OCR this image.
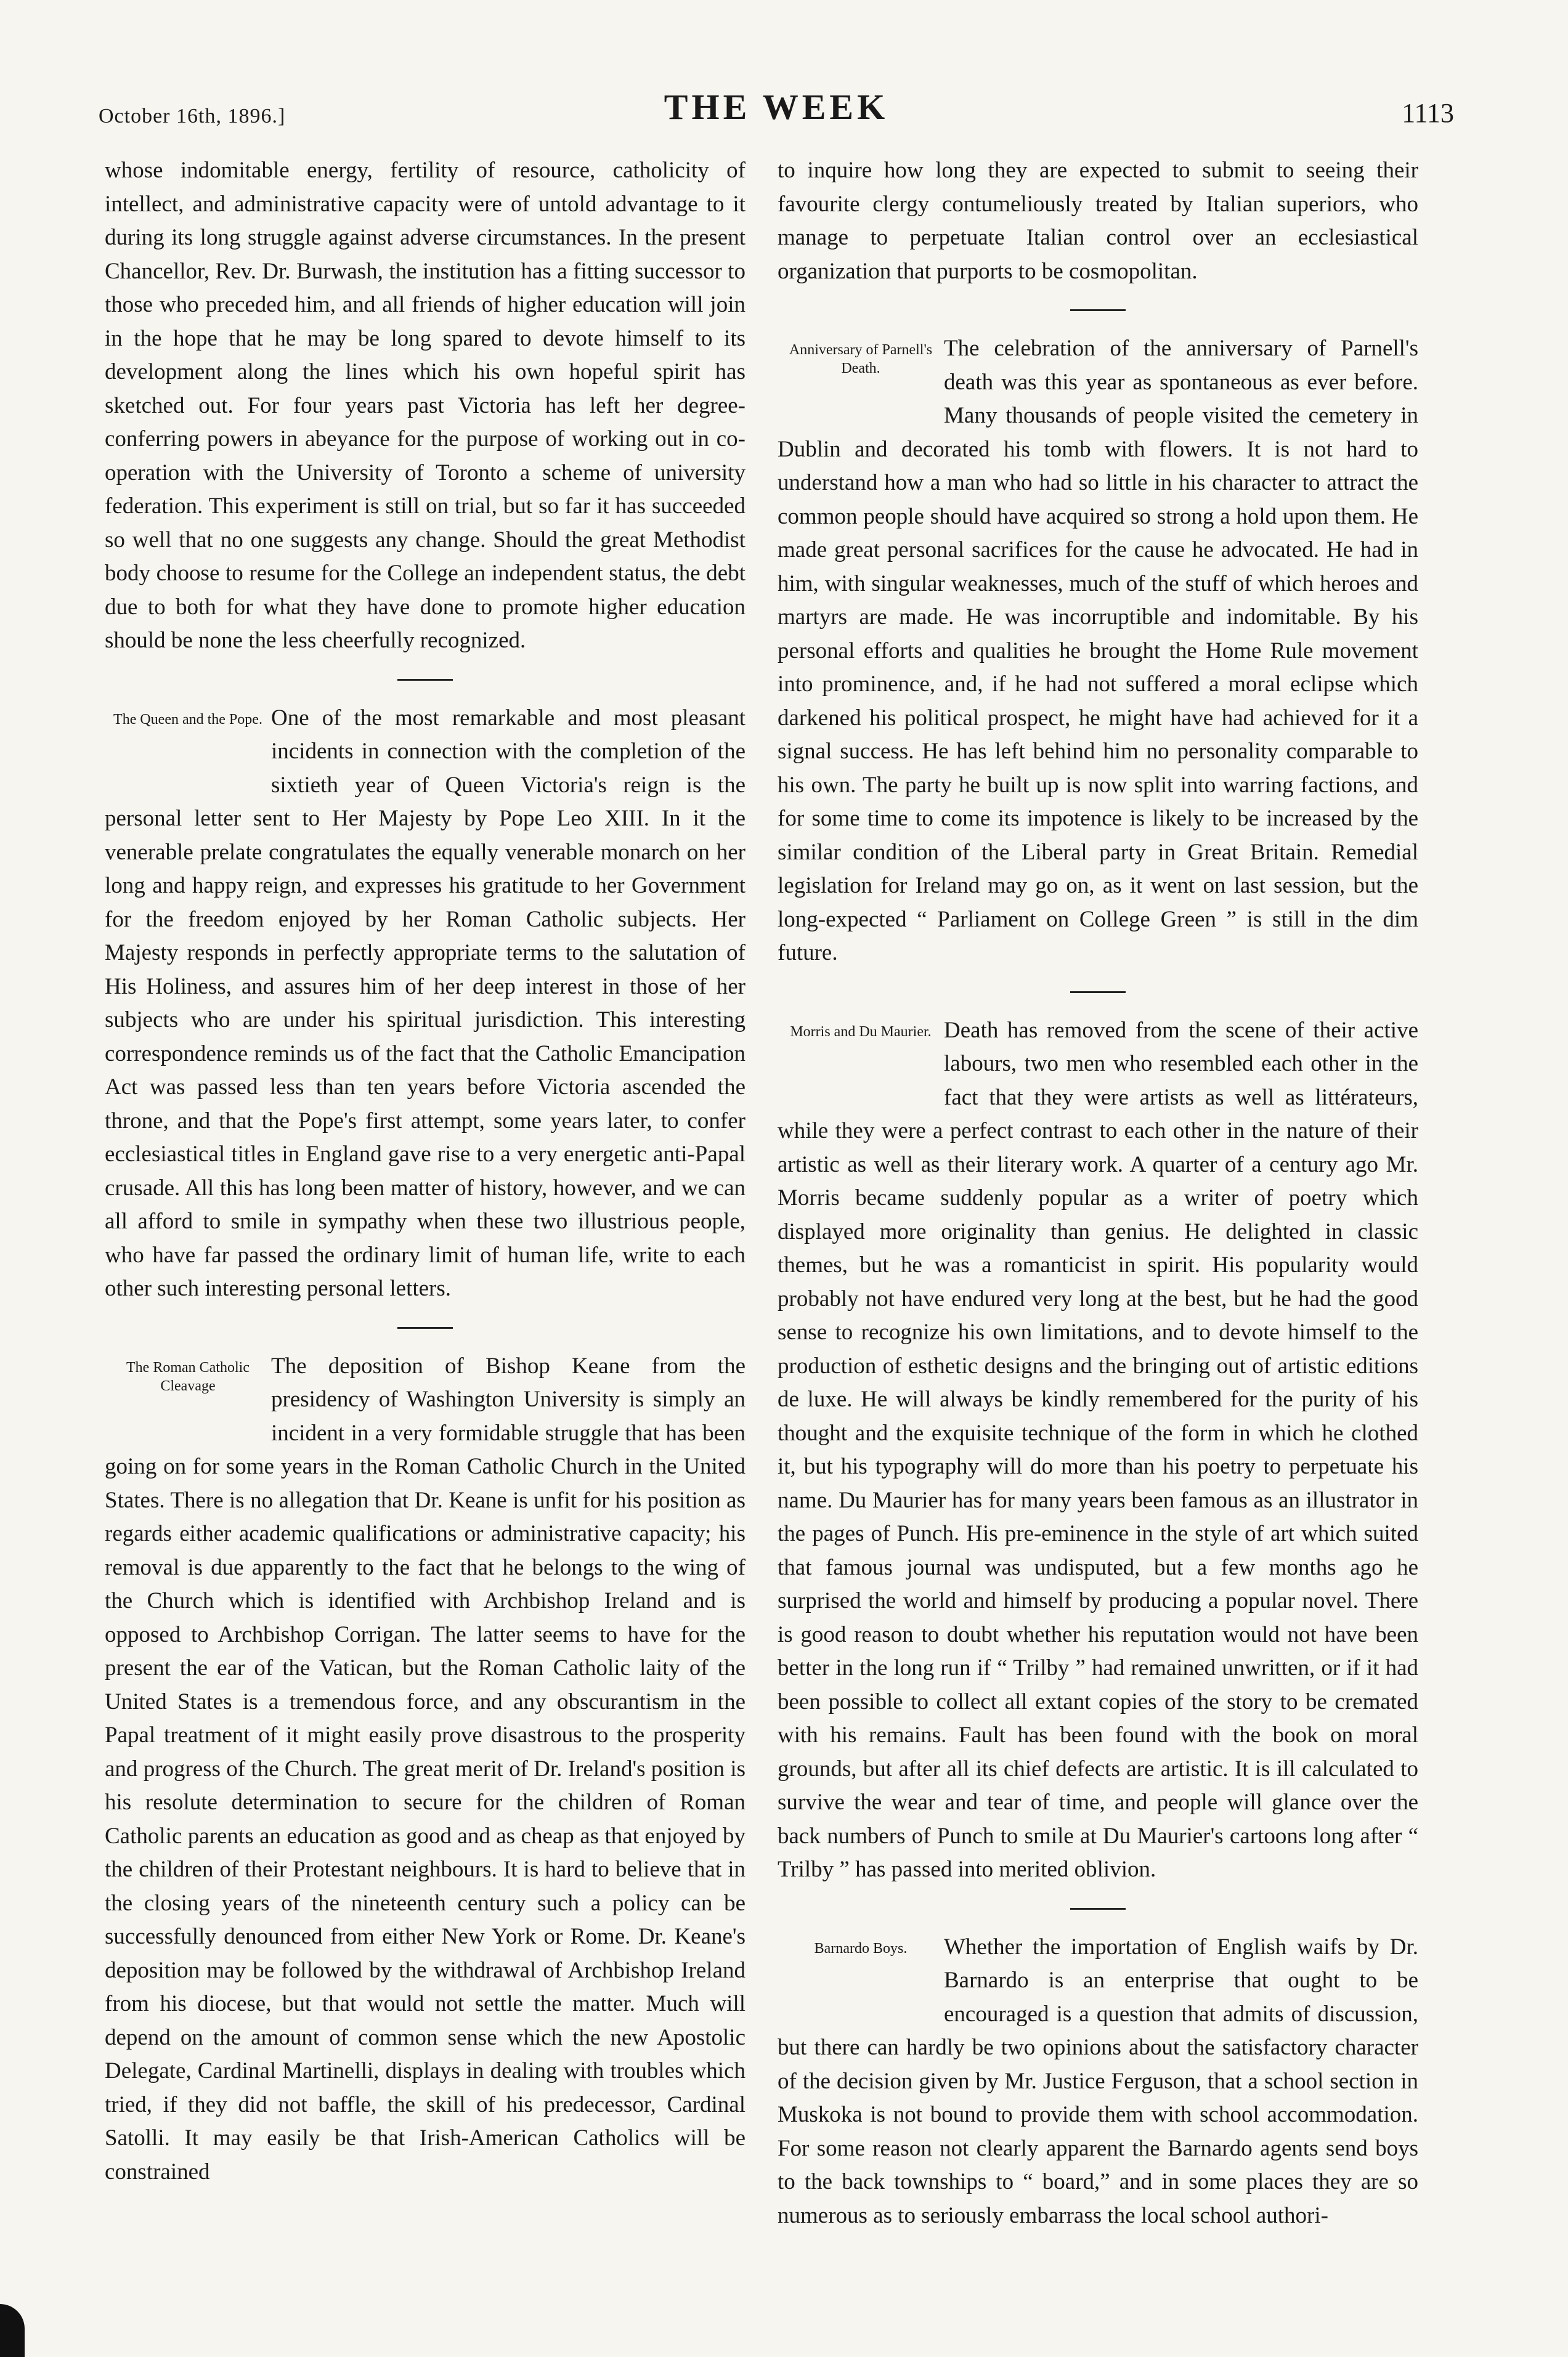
October 16th, 1896.]	THE WEEK	1113

whose indomitable energy, fertility of resource, catholicity of intellect, and administrative capacity were of untold advantage to it during its long struggle against adverse circumstances. In the present Chancellor, Rev. Dr. Burwash, the institution has a fitting successor to those who preceded him, and all friends of higher education will join in the hope that he may be long spared to devote himself to its development along the lines which his own hopeful spirit has sketched out. For four years past Victoria has left her degree-conferring powers in abeyance for the purpose of working out in co-operation with the University of Toronto a scheme of university federation. This experiment is still on trial, but so far it has succeeded so well that no one suggests any change. Should the great Methodist body choose to resume for the College an independent status, the debt due to both for what they have done to promote higher education should be none the less cheerfully recognized.

The Queen and the Pope. One of the most remarkable and most pleasant incidents in connection with the completion of the sixtieth year of Queen Victoria's reign is the personal letter sent to Her Majesty by Pope Leo XIII. In it the venerable prelate congratulates the equally venerable monarch on her long and happy reign, and expresses his gratitude to her Government for the freedom enjoyed by her Roman Catholic subjects. Her Majesty responds in perfectly appropriate terms to the salutation of His Holiness, and assures him of her deep interest in those of her subjects who are under his spiritual jurisdiction. This interesting correspondence reminds us of the fact that the Catholic Emancipation Act was passed less than ten years before Victoria ascended the throne, and that the Pope's first attempt, some years later, to confer ecclesiastical titles in England gave rise to a very energetic anti-Papal crusade. All this has long been matter of history, however, and we can all afford to smile in sympathy when these two illustrious people, who have far passed the ordinary limit of human life, write to each other such interesting personal letters.

The Roman Catholic Cleavage

The deposition of Bishop Keane from the presidency of Washington University is simply an incident in a very formidable struggle that has been going on for some years in the Roman Catholic Church in the United States. There is no allegation that Dr. Keane is unfit for his position as regards either academic qualifications or administrative capacity; his removal is due apparently to the fact that he belongs to the wing of the Church which is identified with Archbishop Ireland and is opposed to Archbishop Corrigan. The latter seems to have for the present the ear of the Vatican, but the Roman Catholic laity of the United States is a tremendous force, and any obscurantism in the Papal treatment of it might easily prove disastrous to the prosperity and progress of the Church. The great merit of Dr. Ireland's position is his resolute determination to secure for the children of Roman Catholic parents an education as good and as cheap as that enjoyed by the children of their Protestant neighbours. It is hard to believe that in the closing years of the nineteenth century such a policy can be successfully denounced from either New York or Rome. Dr. Keane's deposition may be followed by the withdrawal of Archbishop Ireland from his diocese, but that would not settle the matter. Much will depend on the amount of common sense which the new Apostolic Delegate, Cardinal Martinelli, displays in dealing with troubles which tried, if they did not baffle, the skill of his predecessor, Cardinal Satolli. It may easily be that Irish-American Catholics will be constrained

to inquire how long they are expected to submit to seeing their favourite clergy contumeliously treated by Italian superiors, who manage to perpetuate Italian control over an ecclesiastical organization that purports to be cosmopolitan.

Anniversary of Parnell's Death.

The celebration of the anniversary of Parnell's death was this year as spontaneous as ever before. Many thousands of people visited the cemetery in Dublin and decorated his tomb with flowers. It is not hard to understand how a man who had so little in his character to attract the common people should have acquired so strong a hold upon them. He made great personal sacrifices for the cause he advocated. He had in him, with singular weaknesses, much of the stuff of which heroes and martyrs are made. He was incorruptible and indomitable. By his personal efforts and qualities he brought the Home Rule movement into prominence, and, if he had not suffered a moral eclipse which darkened his political prospect, he might have had achieved for it a signal success. He has left behind him no personality comparable to his own. The party he built up is now split into warring factions, and for some time to come its impotence is likely to be increased by the similar condition of the Liberal party in Great Britain. Remedial legislation for Ireland may go on, as it went on last session, but the long-expected “ Parliament on College Green ” is still in the dim future.

Morris and Du Maurier. Death has removed from the scene of their active labours, two men who resembled each other in the fact that they were artists as well as littérateurs, while they were a perfect contrast to each other in the nature of their artistic as well as their literary work. A quarter of a century ago Mr. Morris became suddenly popular as a writer of poetry which displayed more originality than genius. He delighted in classic themes, but he was a romanticist in spirit. His popularity would probably not have endured very long at the best, but he had the good sense to recognize his own limitations, and to devote himself to the production of esthetic designs and the bringing out of artistic editions de luxe. He will always be kindly remembered for the purity of his thought and the exquisite technique of the form in which he clothed it, but his typography will do more than his poetry to perpetuate his name. Du Maurier has for many years been famous as an illustrator in the pages of Punch. His pre-eminence in the style of art which suited that famous journal was undisputed, but a few months ago he surprised the world and himself by producing a popular novel. There is good reason to doubt whether his reputation would not have been better in the long run if “ Trilby ” had remained unwritten, or if it had been possible to collect all extant copies of the story to be cremated with his remains. Fault has been found with the book on moral grounds, but after all its chief defects are artistic. It is ill calculated to survive the wear and tear of time, and people will glance over the back numbers of Punch to smile at Du Maurier's cartoons long after “ Trilby ” has passed into merited oblivion.

Barnardo Boys.	Whether the importation of English waifs by Dr. Barnardo is an enterprise that ought to be encouraged is a question that admits of discussion, but there can hardly be two opinions about the satisfactory character of the decision given by Mr. Justice Ferguson, that a school section in Muskoka is not bound to provide them with school accommodation. For some reason not clearly apparent the Barnardo agents send boys to the back townships to “ board,” and in some places they are so numerous as to seriously embarrass the local school authori-
